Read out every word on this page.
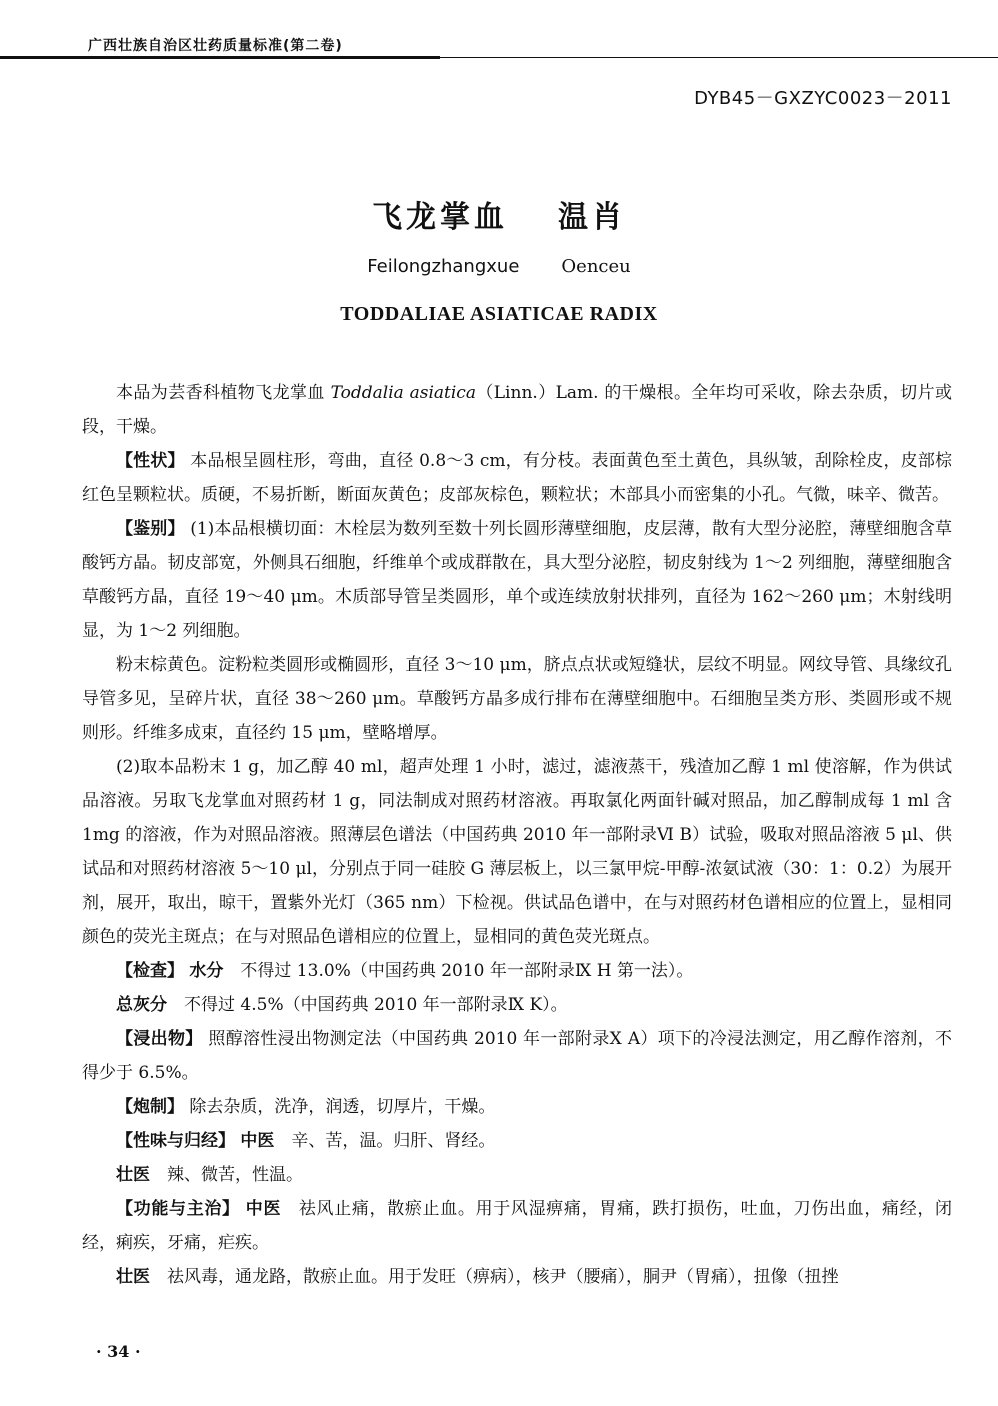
广西壮族自治区壮药质量标准(第二卷)
DYB45－GXZYC0023－2011
飞龙掌血 温肖
Feilongzhangxue Oenceu
TODDALIAE ASIATICAE RADIX

本品为芸香科植物飞龙掌血 Toddalia asiatica（Linn.）Lam. 的干燥根。全年均可采收，除去杂质，切片或段，干燥。

【性状】 本品根呈圆柱形，弯曲，直径 0.8～3 cm，有分枝。表面黄色至土黄色，具纵皱，刮除栓皮，皮部棕红色呈颗粒状。质硬，不易折断，断面灰黄色；皮部灰棕色，颗粒状；木部具小而密集的小孔。气微，味辛、微苦。

【鉴别】 (1)本品根横切面：木栓层为数列至数十列长圆形薄壁细胞，皮层薄，散有大型分泌腔，薄壁细胞含草酸钙方晶。韧皮部宽，外侧具石细胞，纤维单个或成群散在，具大型分泌腔，韧皮射线为 1～2 列细胞，薄壁细胞含草酸钙方晶，直径 19～40 μm。木质部导管呈类圆形，单个或连续放射状排列，直径为 162～260 μm；木射线明显，为 1～2 列细胞。

粉末棕黄色。淀粉粒类圆形或椭圆形，直径 3～10 μm，脐点点状或短缝状，层纹不明显。网纹导管、具缘纹孔导管多见，呈碎片状，直径 38～260 μm。草酸钙方晶多成行排布在薄壁细胞中。石细胞呈类方形、类圆形或不规则形。纤维多成束，直径约 15 μm，壁略增厚。

(2)取本品粉末 1 g，加乙醇 40 ml，超声处理 1 小时，滤过，滤液蒸干，残渣加乙醇 1 ml 使溶解，作为供试品溶液。另取飞龙掌血对照药材 1 g，同法制成对照药材溶液。再取氯化两面针碱对照品，加乙醇制成每 1 ml 含 1mg 的溶液，作为对照品溶液。照薄层色谱法（中国药典 2010 年一部附录Ⅵ B）试验，吸取对照品溶液 5 μl、供试品和对照药材溶液 5～10 μl，分别点于同一硅胶 G 薄层板上，以三氯甲烷-甲醇-浓氨试液（30：1：0.2）为展开剂，展开，取出，晾干，置紫外光灯（365 nm）下检视。供试品色谱中，在与对照药材色谱相应的位置上，显相同颜色的荧光主斑点；在与对照品色谱相应的位置上，显相同的黄色荧光斑点。

【检查】 水分　 不得过 13.0%（中国药典 2010 年一部附录Ⅸ H 第一法）。

总灰分　 不得过 4.5%（中国药典 2010 年一部附录Ⅸ K）。

【浸出物】 照醇溶性浸出物测定法（中国药典 2010 年一部附录Ⅹ A）项下的冷浸法测定，用乙醇作溶剂，不得少于 6.5%。

【炮制】 除去杂质，洗净，润透，切厚片，干燥。

【性味与归经】 中医　 辛、苦，温。归肝、肾经。

壮医　 辣、微苦，性温。

【功能与主治】 中医　 祛风止痛，散瘀止血。用于风湿痹痛，胃痛，跌打损伤，吐血，刀伤出血，痛经，闭经，痢疾，牙痛，疟疾。

壮医　 祛风毒，通龙路，散瘀止血。用于发旺（痹病），核尹（腰痛），胴尹（胃痛），扭像（扭挫

· 34 ·
